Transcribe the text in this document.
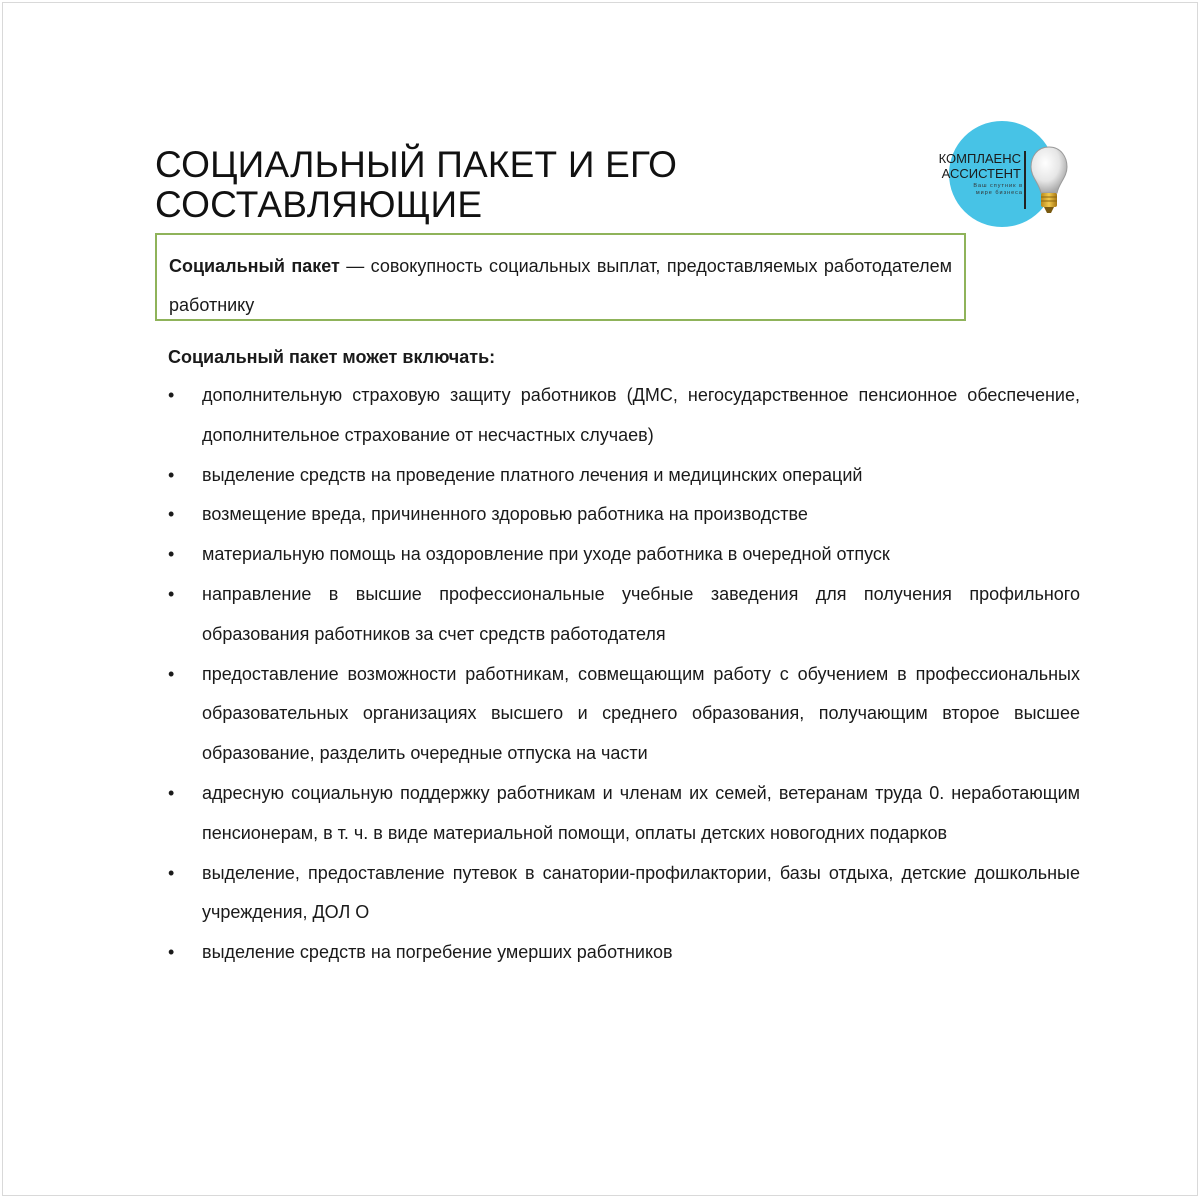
СОЦИАЛЬНЫЙ ПАКЕТ И ЕГО
СОСТАВЛЯЮЩИЕ
КОМПЛАЕНС
АССИСТЕНТ
Ваш спутник в мире бизнеса
Социальный пакет — совокупность социальных выплат, предоставляемых работодателем работнику
Социальный пакет может включать:
• дополнительную страховую защиту работников (ДМС, негосударственное пенсионное обеспечение, дополнительное страхование от несчастных случаев)
• выделение средств на проведение платного лечения и медицинских операций
• возмещение вреда, причиненного здоровью работника на производстве
• материальную помощь на оздоровление при уходе работника в очередной отпуск
• направление в высшие профессиональные учебные заведения для получения профильного образования работников за счет средств работодателя
• предоставление возможности работникам, совмещающим работу с обучением в профессиональных образовательных организациях высшего и среднего образования, получающим второе высшее образование, разделить очередные отпуска на части
• адресную социальную поддержку работникам и членам их семей, ветеранам труда 0. неработающим пенсионерам, в т. ч. в виде материальной помощи, оплаты детских новогодних подарков
• выделение, предоставление путевок в санатории-профилактории, базы отдыха, детские дошкольные учреждения, ДОЛ О
• выделение средств на погребение умерших работников
